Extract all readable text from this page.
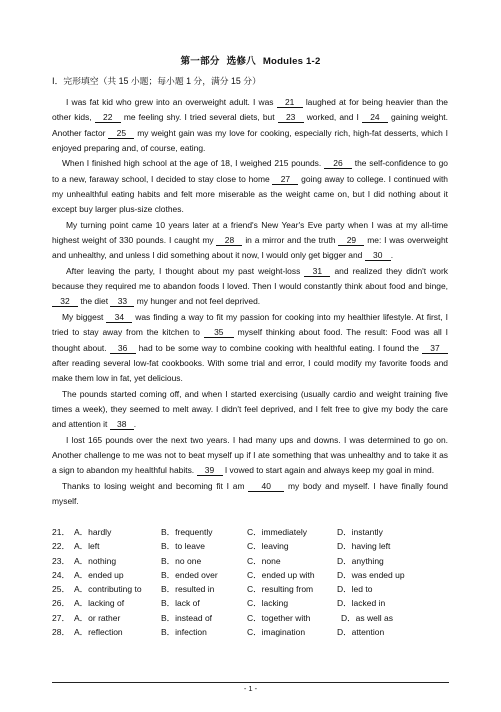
第一部分 选修八 Modules 1-2
Ⅰ．完形填空（共 15 小题；每小题 1 分，满分 15 分）

I was fat kid who grew into an overweight adult. I was 21 laughed at for being heavier than the other kids, 22 me feeling shy. I tried several diets, but 23 worked, and I 24 gaining weight. Another factor 25 my weight gain was my love for cooking, especially rich, high-fat desserts, which I enjoyed preparing and, of course, eating.

When I finished high school at the age of 18, I weighed 215 pounds. 26 the self-confidence to go to a new, faraway school, I decided to stay close to home 27 going away to college. I continued with my unhealthful eating habits and felt more miserable as the weight came on, but I did nothing about it except buy larger plus-size clothes.

My turning point came 10 years later at a friend's New Year's Eve party when I was at my all-time highest weight of 330 pounds. I caught my 28 in a mirror and the truth 29 me: I was overweight and unhealthy, and unless I did something about it now, I would only get bigger and 30 .

After leaving the party, I thought about my past weight-loss 31 and realized they didn't work because they required me to abandon foods I loved. Then I would constantly think about food and binge, 32 the diet 33 my hunger and not feel deprived.

My biggest 34 was finding a way to fit my passion for cooking into my healthier lifestyle. At first, I tried to stay away from the kitchen to 35 myself thinking about food. The result: Food was all I thought about. 36 had to be some way to combine cooking with healthful eating. I found the 37 after reading several low-fat cookbooks. With some trial and error, I could modify my favorite foods and make them low in fat, yet delicious.

The pounds started coming off, and when I started exercising (usually cardio and weight training five times a week), they seemed to melt away. I didn't feel deprived, and I felt free to give my body the care and attention it 38 .

I lost 165 pounds over the next two years. I had many ups and downs. I was determined to go on. Another challenge to me was not to beat myself up if I ate something that was unhealthy and to take it as a sign to abandon my healthful habits. 39 I vowed to start again and always keep my goal in mind.

Thanks to losing weight and becoming fit I am 40 my body and myself. I have finally found myself.

21． A．hardly	B．frequently	C．immediately	D．instantly
22． A．left	B．to leave	C．leaving	D．having left
23． A．nothing	B．no one	C．none	D．anything
24． A．ended up	B．ended over	C．ended up with	D．was ended up
25． A．contributing to B．resulted in	C．resulting from	D．led to
26． A．lacking of	B．lack of	C．lacking	D．lacked in
27． A．or rather	B．instead of	C．together with	D．as well as
28． A．reflection	B．infection	C．imagination	D．attention
- 1 -
